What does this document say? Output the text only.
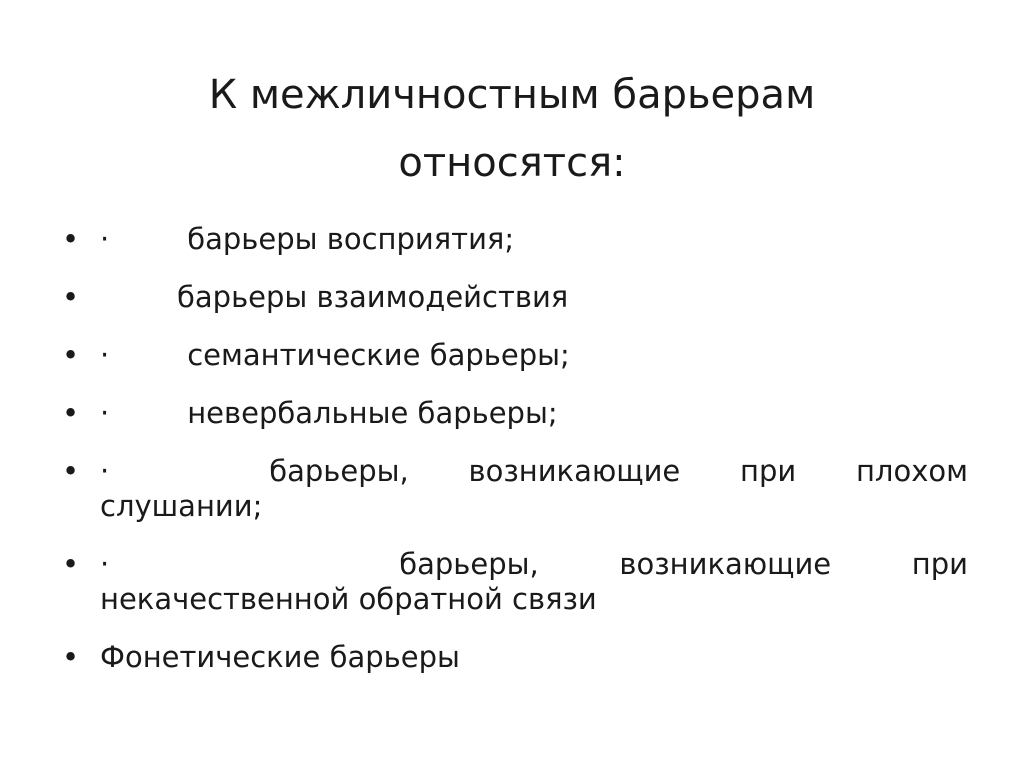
К межличностным барьерам
относятся:
• ·	барьеры восприятия;
•	барьеры взаимодействия
• ·	семантические барьеры;
• ·	невербальные барьеры;
• ·	барьеры, возникающие при плохом
слушании;
• ·	барьеры, возникающие при
некачественной обратной связи
• Фонетические барьеры
